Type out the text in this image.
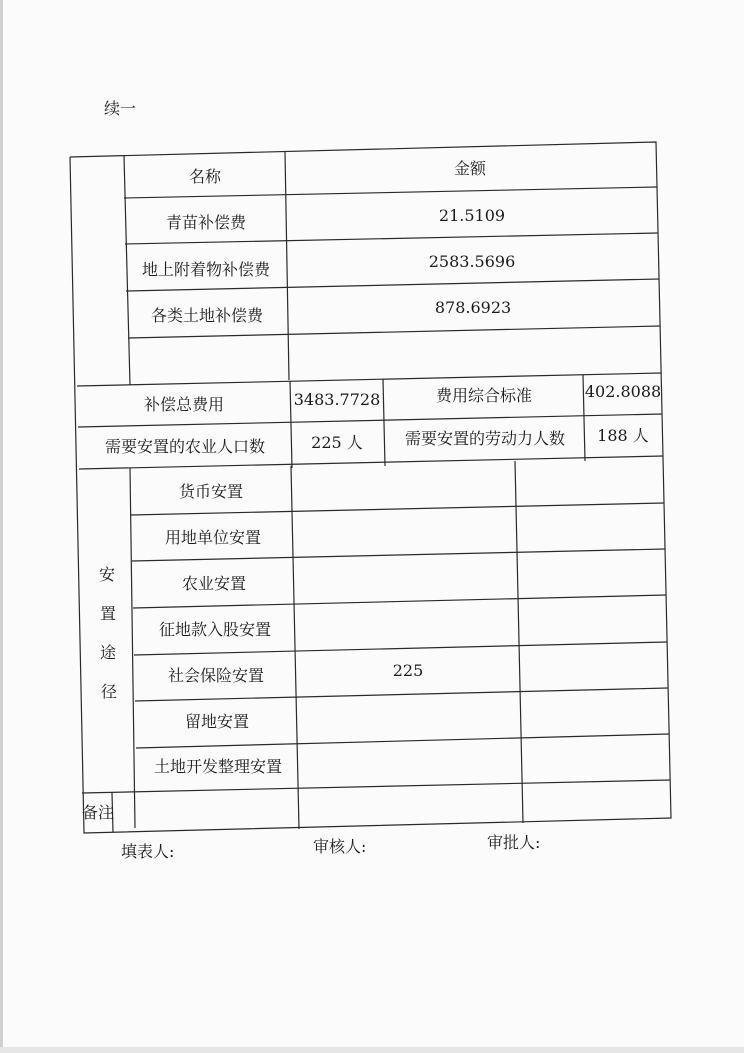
续一
名称	金额
青苗补偿费	21.5109
地上附着物补偿费	2583.5696
各类土地补偿费	878.6923
补偿总费用	3483.7728	费用综合标准	402.8088
需要安置的农业人口数	225 人	需要安置的劳动力人数 188 人
安
置
途
径
货币安置
用地单位安置
农业安置
征地款入股安置
社会保险安置	225
留地安置
土地开发整理安置
备注
填表人:	审核人:	审批人:
